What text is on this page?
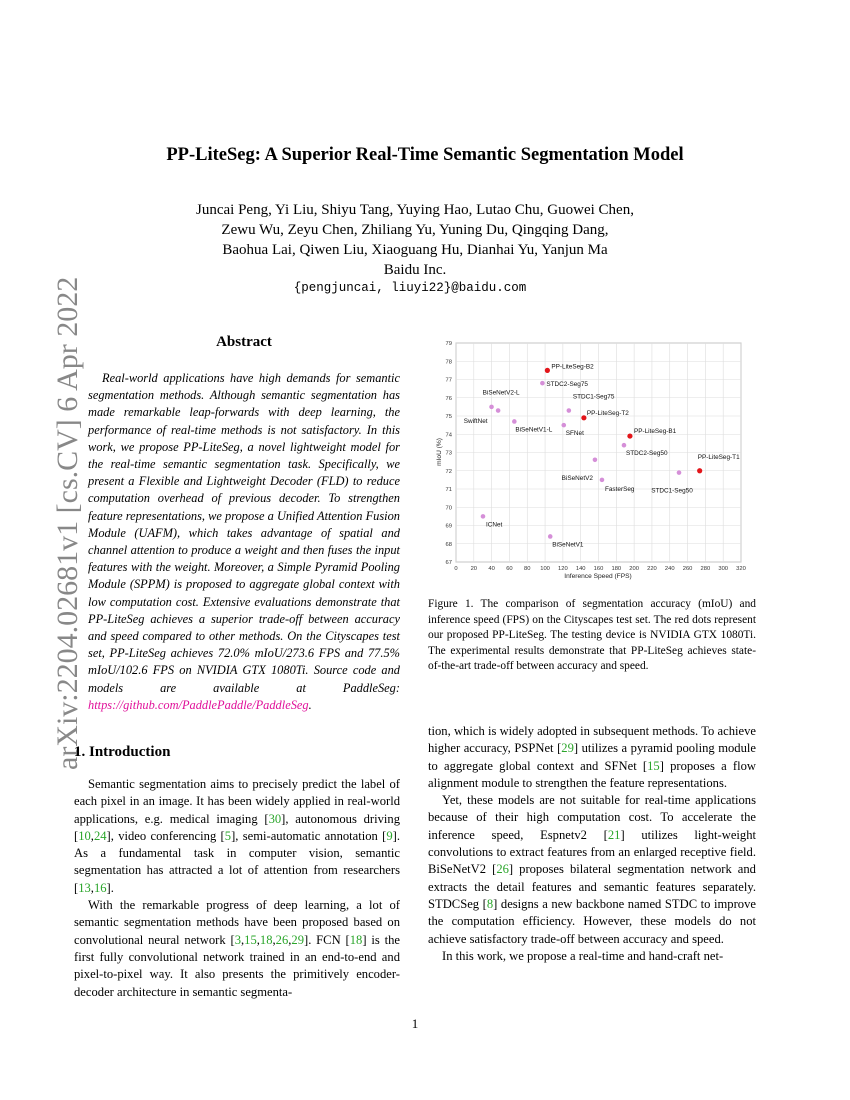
PP-LiteSeg: A Superior Real-Time Semantic Segmentation Model
Juncai Peng, Yi Liu, Shiyu Tang, Yuying Hao, Lutao Chu, Guowei Chen,
Zewu Wu, Zeyu Chen, Zhiliang Yu, Yuning Du, Qingqing Dang,
Baohua Lai, Qiwen Liu, Xiaoguang Hu, Dianhai Yu, Yanjun Ma
Baidu Inc.
{pengjuncai, liuyi22}@baidu.com
arXiv:2204.02681v1 [cs.CV] 6 Apr 2022	Abstract
Real-world applications have high demands for semantic segmentation methods. Although semantic segmentation has made remarkable leap-forwards with deep learning, the performance of real-time methods is not satisfactory. In this work, we propose PP-LiteSeg, a novel lightweight model for the real-time semantic segmentation task. Specifically, we present a Flexible and Lightweight Decoder (FLD) to reduce computation overhead of previous decoder. To strengthen feature representations, we propose a Unified Attention Fusion Module (UAFM), which takes advantage of spatial and channel attention to produce a weight and then fuses the input features with the weight. Moreover, a Simple Pyramid Pooling Module (SPPM) is proposed to aggregate global context with low computation cost. Extensive evaluations demonstrate that PP-LiteSeg achieves a superior trade-off between accuracy and speed compared to other methods. On the Cityscapes test set, PP-LiteSeg achieves 72.0% mIoU/273.6 FPS and 77.5% mIoU/102.6 FPS on NVIDIA GTX 1080Ti. Source code and models are available at PaddleSeg: https://github.com/PaddlePaddle/PaddleSeg.
0 20 40 60 80 100 120 140 160 180 200 220 240 260 280 300 320
67
68
69
70
71
72
73
74
75
76
77
78
79
PP-LiteSeg-B2
STDC2-Seg75
BiSeNetV2-L
SwiftNet
STDC1-Seg75
PP-LiteSeg-T2
BiSeNetV1-L
SFNet	PP-LiteSeg-B1
STDC2-Seg50
BiSeNetV2
PP-LiteSeg-T1
STDC1-Seg50
FasterSeg
ICNet
BiSeNetV1
Inference Speed (FPS)
mIoU (%)
Figure 1. The comparison of segmentation accuracy (mIoU) and inference speed (FPS) on the Cityscapes test set. The red dots represent our proposed PP-LiteSeg. The testing device is NVIDIA GTX 1080Ti. The experimental results demonstrate that PP-LiteSeg achieves state-of-the-art trade-off between accuracy and speed.
1. Introduction

Semantic segmentation aims to precisely predict the label of each pixel in an image. It has been widely applied in real-world applications, e.g. medical imaging [30], autonomous driving [10,24], video conferencing [5], semi-automatic annotation [9]. As a fundamental task in computer vision, semantic segmentation has attracted a lot of attention from researchers [13,16].

With the remarkable progress of deep learning, a lot of semantic segmentation methods have been proposed based on convolutional neural network [3,15,18,26,29]. FCN [18] is the first fully convolutional network trained in an end-to-end and pixel-to-pixel way. It also presents the primitively encoder-decoder architecture in semantic segmenta-

tion, which is widely adopted in subsequent methods. To achieve higher accuracy, PSPNet [29] utilizes a pyramid pooling module to aggregate global context and SFNet [15] proposes a flow alignment module to strengthen the feature representations.

Yet, these models are not suitable for real-time applications because of their high computation cost. To accelerate the inference speed, Espnetv2 [21] utilizes light-weight convolutions to extract features from an enlarged receptive field. BiSeNetV2 [26] proposes bilateral segmentation network and extracts the detail features and semantic features separately. STDCSeg [8] designs a new backbone named STDC to improve the computation efficiency. However, these models do not achieve satisfactory trade-off between accuracy and speed.

In this work, we propose a real-time and hand-craft net-

1
